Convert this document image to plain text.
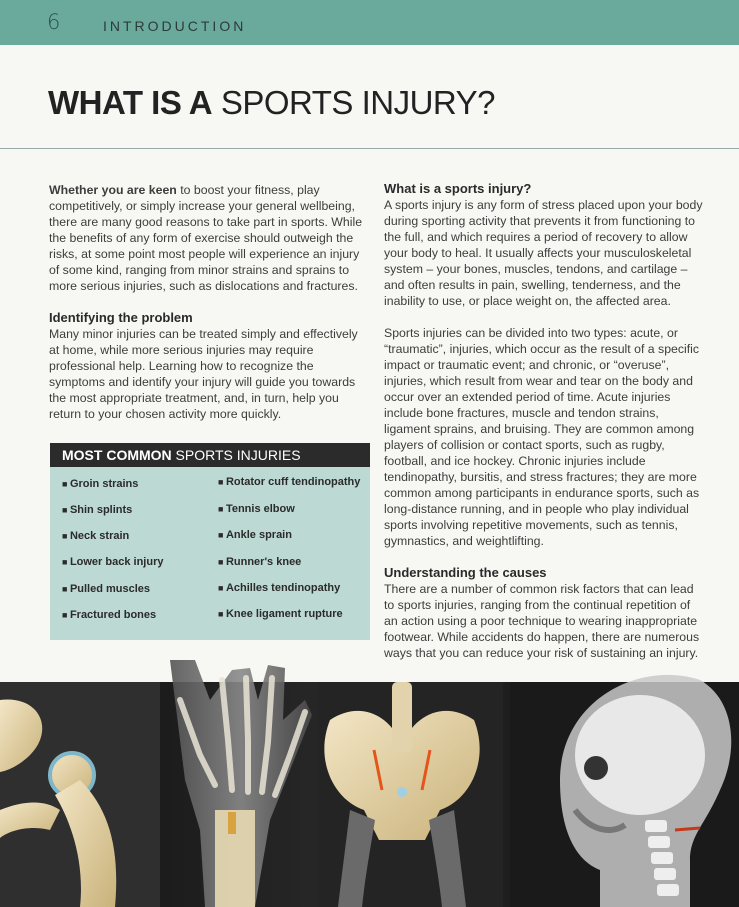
6	INTRODUCTION
WHAT IS A SPORTS INJURY?

Whether you are keen to boost your fitness, play competitively, or simply increase your general wellbeing, there are many good reasons to take part in sports. While the benefits of any form of exercise should outweigh the risks, at some point most people will experience an injury of some kind, ranging from minor strains and sprains to more serious injuries, such as dislocations and fractures.

Identifying the problem

Many minor injuries can be treated simply and effectively at home, while more serious injuries may require professional help. Learning how to recognize the symptoms and identify your injury will guide you towards the most appropriate treatment, and, in turn, help you return to your chosen activity more quickly.

MOST COMMON SPORTS INJURIES
■ Groin strains
■ Shin splints
■ Neck strain
■ Lower back injury
■ Pulled muscles
■ Fractured bones
■ Rotator cuff tendinopathy
■ Tennis elbow
■ Ankle sprain
■ Runner's knee
■ Achilles tendinopathy
■ Knee ligament rupture
What is a sports injury?

A sports injury is any form of stress placed upon your body during sporting activity that prevents it from functioning to the full, and which requires a period of recovery to allow your body to heal. It usually affects your musculoskeletal system – your bones, muscles, tendons, and cartilage – and often results in pain, swelling, tenderness, and the inability to use, or place weight on, the affected area.

Sports injuries can be divided into two types: acute, or “traumatic”, injuries, which occur as the result of a specific impact or traumatic event; and chronic, or “overuse”, injuries, which result from wear and tear on the body and occur over an extended period of time. Acute injuries include bone fractures, muscle and tendon strains, ligament sprains, and bruising. They are common among players of collision or contact sports, such as rugby, football, and ice hockey. Chronic injuries include tendinopathy, bursitis, and stress fractures; they are more common among participants in endurance sports, such as long-distance running, and in people who play individual sports involving repetitive movements, such as tennis, gymnastics, and weightlifting.

Understanding the causes

There are a number of common risk factors that can lead to sports injuries, ranging from the continual repetition of an action using a poor technique to wearing inappropriate footwear. While accidents do happen, there are numerous ways that you can reduce your risk of sustaining an injury.
